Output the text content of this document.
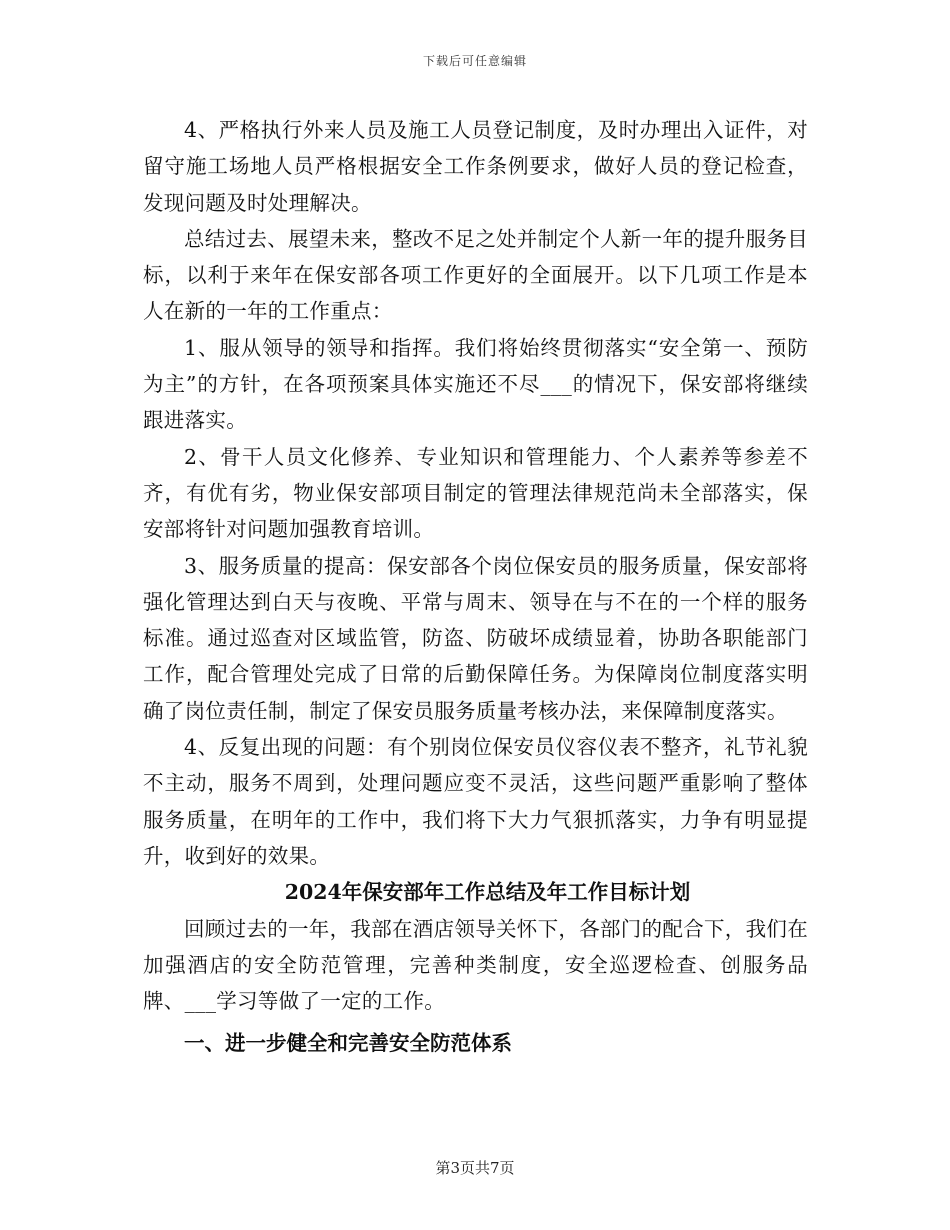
下载后可任意编辑

4、严格执行外来人员及施工人员登记制度，及时办理出入证件，对留守施工场地人员严格根据安全工作条例要求，做好人员的登记检查，发现问题及时处理解决。

总结过去、展望未来，整改不足之处并制定个人新一年的提升服务目标，以利于来年在保安部各项工作更好的全面展开。以下几项工作是本人在新的一年的工作重点：

1、服从领导的领导和指挥。我们将始终贯彻落实“安全第一、预防为主”的方针，在各项预案具体实施还不尽___的情况下，保安部将继续跟进落实。

2、骨干人员文化修养、专业知识和管理能力、个人素养等参差不齐，有优有劣，物业保安部项目制定的管理法律规范尚未全部落实，保安部将针对问题加强教育培训。

3、服务质量的提高：保安部各个岗位保安员的服务质量，保安部将强化管理达到白天与夜晚、平常与周末、领导在与不在的一个样的服务标准。通过巡查对区域监管，防盗、防破坏成绩显着，协助各职能部门工作，配合管理处完成了日常的后勤保障任务。为保障岗位制度落实明确了岗位责任制，制定了保安员服务质量考核办法，来保障制度落实。

4、反复出现的问题：有个别岗位保安员仪容仪表不整齐，礼节礼貌不主动，服务不周到，处理问题应变不灵活，这些问题严重影响了整体服务质量，在明年的工作中，我们将下大力气狠抓落实，力争有明显提升，收到好的效果。

2024年保安部年工作总结及年工作目标计划

回顾过去的一年，我部在酒店领导关怀下，各部门的配合下，我们在加强酒店的安全防范管理，完善种类制度，安全巡逻检查、创服务品牌、___学习等做了一定的工作。

一、进一步健全和完善安全防范体系

第3页共7页
